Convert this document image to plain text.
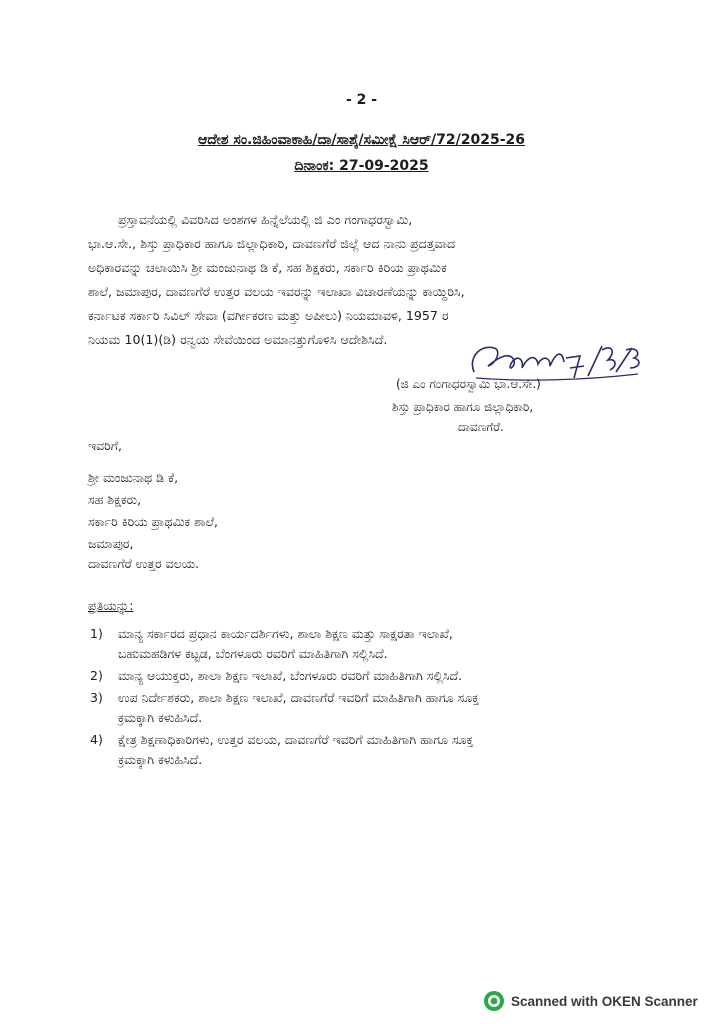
- 2 -
ಆದೇಶ ಸಂ.ಜಿಹಿಂವಾಕಾಹಿ/ದಾ/ಸಾಶ್ಕೆ/ಸಮೀಕ್ಷೆ ಸಿಆರ್/72/2025-26
ದಿನಾಂಕ: 27-09-2025
ಪ್ರಸ್ತಾವನೆಯಲ್ಲಿ ವಿವರಿಸಿದ ಅಂಶಗಳ ಹಿನ್ನೆಲೆಯಲ್ಲಿ ಜಿ ಎಂ ಗಂಗಾಧರಸ್ವಾಮಿ,
ಭಾ.ಆ.ಸೇ., ಶಿಸ್ತು ಪ್ರಾಧಿಕಾರ ಹಾಗೂ ಜಿಲ್ಲಾಧಿಕಾರಿ, ದಾವಣಗೆರೆ ಜಿಲ್ಲೆ ಆದ ನಾನು ಪ್ರದತ್ತವಾದ
ಅಧಿಕಾರವನ್ನು ಚಲಾಯಿಸಿ ಶ್ರೀ ಮಂಜುನಾಥ ಡಿ ಕೆ, ಸಹ ಶಿಕ್ಷಕರು, ಸರ್ಕಾರಿ ಕಿರಿಯ ಪ್ರಾಥಮಿಕ
ಶಾಲೆ, ಜಮಾಪುರ, ದಾವಣಗೆರೆ ಉತ್ತರ ವಲಯ ಇವರನ್ನು ಇಲಾಖಾ ವಿಚಾರಣೆಯನ್ನು ಕಾಯ್ದಿರಿಸಿ,
ಕರ್ನಾಟಕ ಸರ್ಕಾರಿ ಸಿವಿಲ್ ಸೇವಾ (ವರ್ಗೀಕರಣ ಮತ್ತು ಅಪೀಲು) ನಿಯಮಾವಳಿ, 1957 ರ
ನಿಯಮ 10(1)(ಡಿ) ರನ್ವಯ ಸೇವೆಯಿಂದ ಅಮಾನತ್ತುಗೊಳಿಸಿ ಆದೇಶಿಸಿದೆ.
(ಜಿ ಎಂ ಗಂಗಾಧರಸ್ವಾಮಿ ಭಾ.ಆ.ಸೇ.)
ಶಿಸ್ತು ಪ್ರಾಧಿಕಾರ ಹಾಗೂ ಜಿಲ್ಲಾಧಿಕಾರಿ,
ದಾವಣಗೆರೆ.
ಇವರಿಗೆ,
ಶ್ರೀ ಮಂಜುನಾಥ ಡಿ ಕೆ,
ಸಹ ಶಿಕ್ಷಕರು,
ಸರ್ಕಾರಿ ಕಿರಿಯ ಪ್ರಾಥಮಿಕ ಶಾಲೆ,
ಜಮಾಪುರ,
ದಾವಣಗೆರೆ ಉತ್ತರ ವಲಯ.
ಪ್ರತಿಯನ್ನು:
1) ಮಾನ್ಯ ಸರ್ಕಾರದ ಪ್ರಧಾನ ಕಾರ್ಯದರ್ಶಿಗಳು, ಶಾಲಾ ಶಿಕ್ಷಣ ಮತ್ತು ಸಾಕ್ಷರತಾ ಇಲಾಖೆ,
ಬಹುಮಹಡಿಗಳ ಕಟ್ಟಡ, ಬೆಂಗಳೂರು ರವರಿಗೆ ಮಾಹಿತಿಗಾಗಿ ಸಲ್ಲಿಸಿದೆ.
2) ಮಾನ್ಯ ಆಯುಕ್ತರು, ಶಾಲಾ ಶಿಕ್ಷಣ ಇಲಾಖೆ, ಬೆಂಗಳೂರು ರವರಿಗೆ ಮಾಹಿತಿಗಾಗಿ ಸಲ್ಲಿಸಿದೆ.
3) ಉಪ ನಿರ್ದೇಶಕರು, ಶಾಲಾ ಶಿಕ್ಷಣ ಇಲಾಖೆ, ದಾವಣಗೆರೆ ಇವರಿಗೆ ಮಾಹಿತಿಗಾಗಿ ಹಾಗೂ ಸೂಕ್ತ
ಕ್ರಮಕ್ಕಾಗಿ ಕಳುಹಿಸಿದೆ.
4) ಕ್ಷೇತ್ರ ಶಿಕ್ಷಣಾಧಿಕಾರಿಗಳು, ಉತ್ತರ ವಲಯ, ದಾವಣಗೆರೆ ಇವರಿಗೆ ಮಾಹಿತಿಗಾಗಿ ಹಾಗೂ ಸೂಕ್ತ
ಕ್ರಮಕ್ಕಾಗಿ ಕಳುಹಿಸಿದೆ.
Scanned with OKEN Scanner
